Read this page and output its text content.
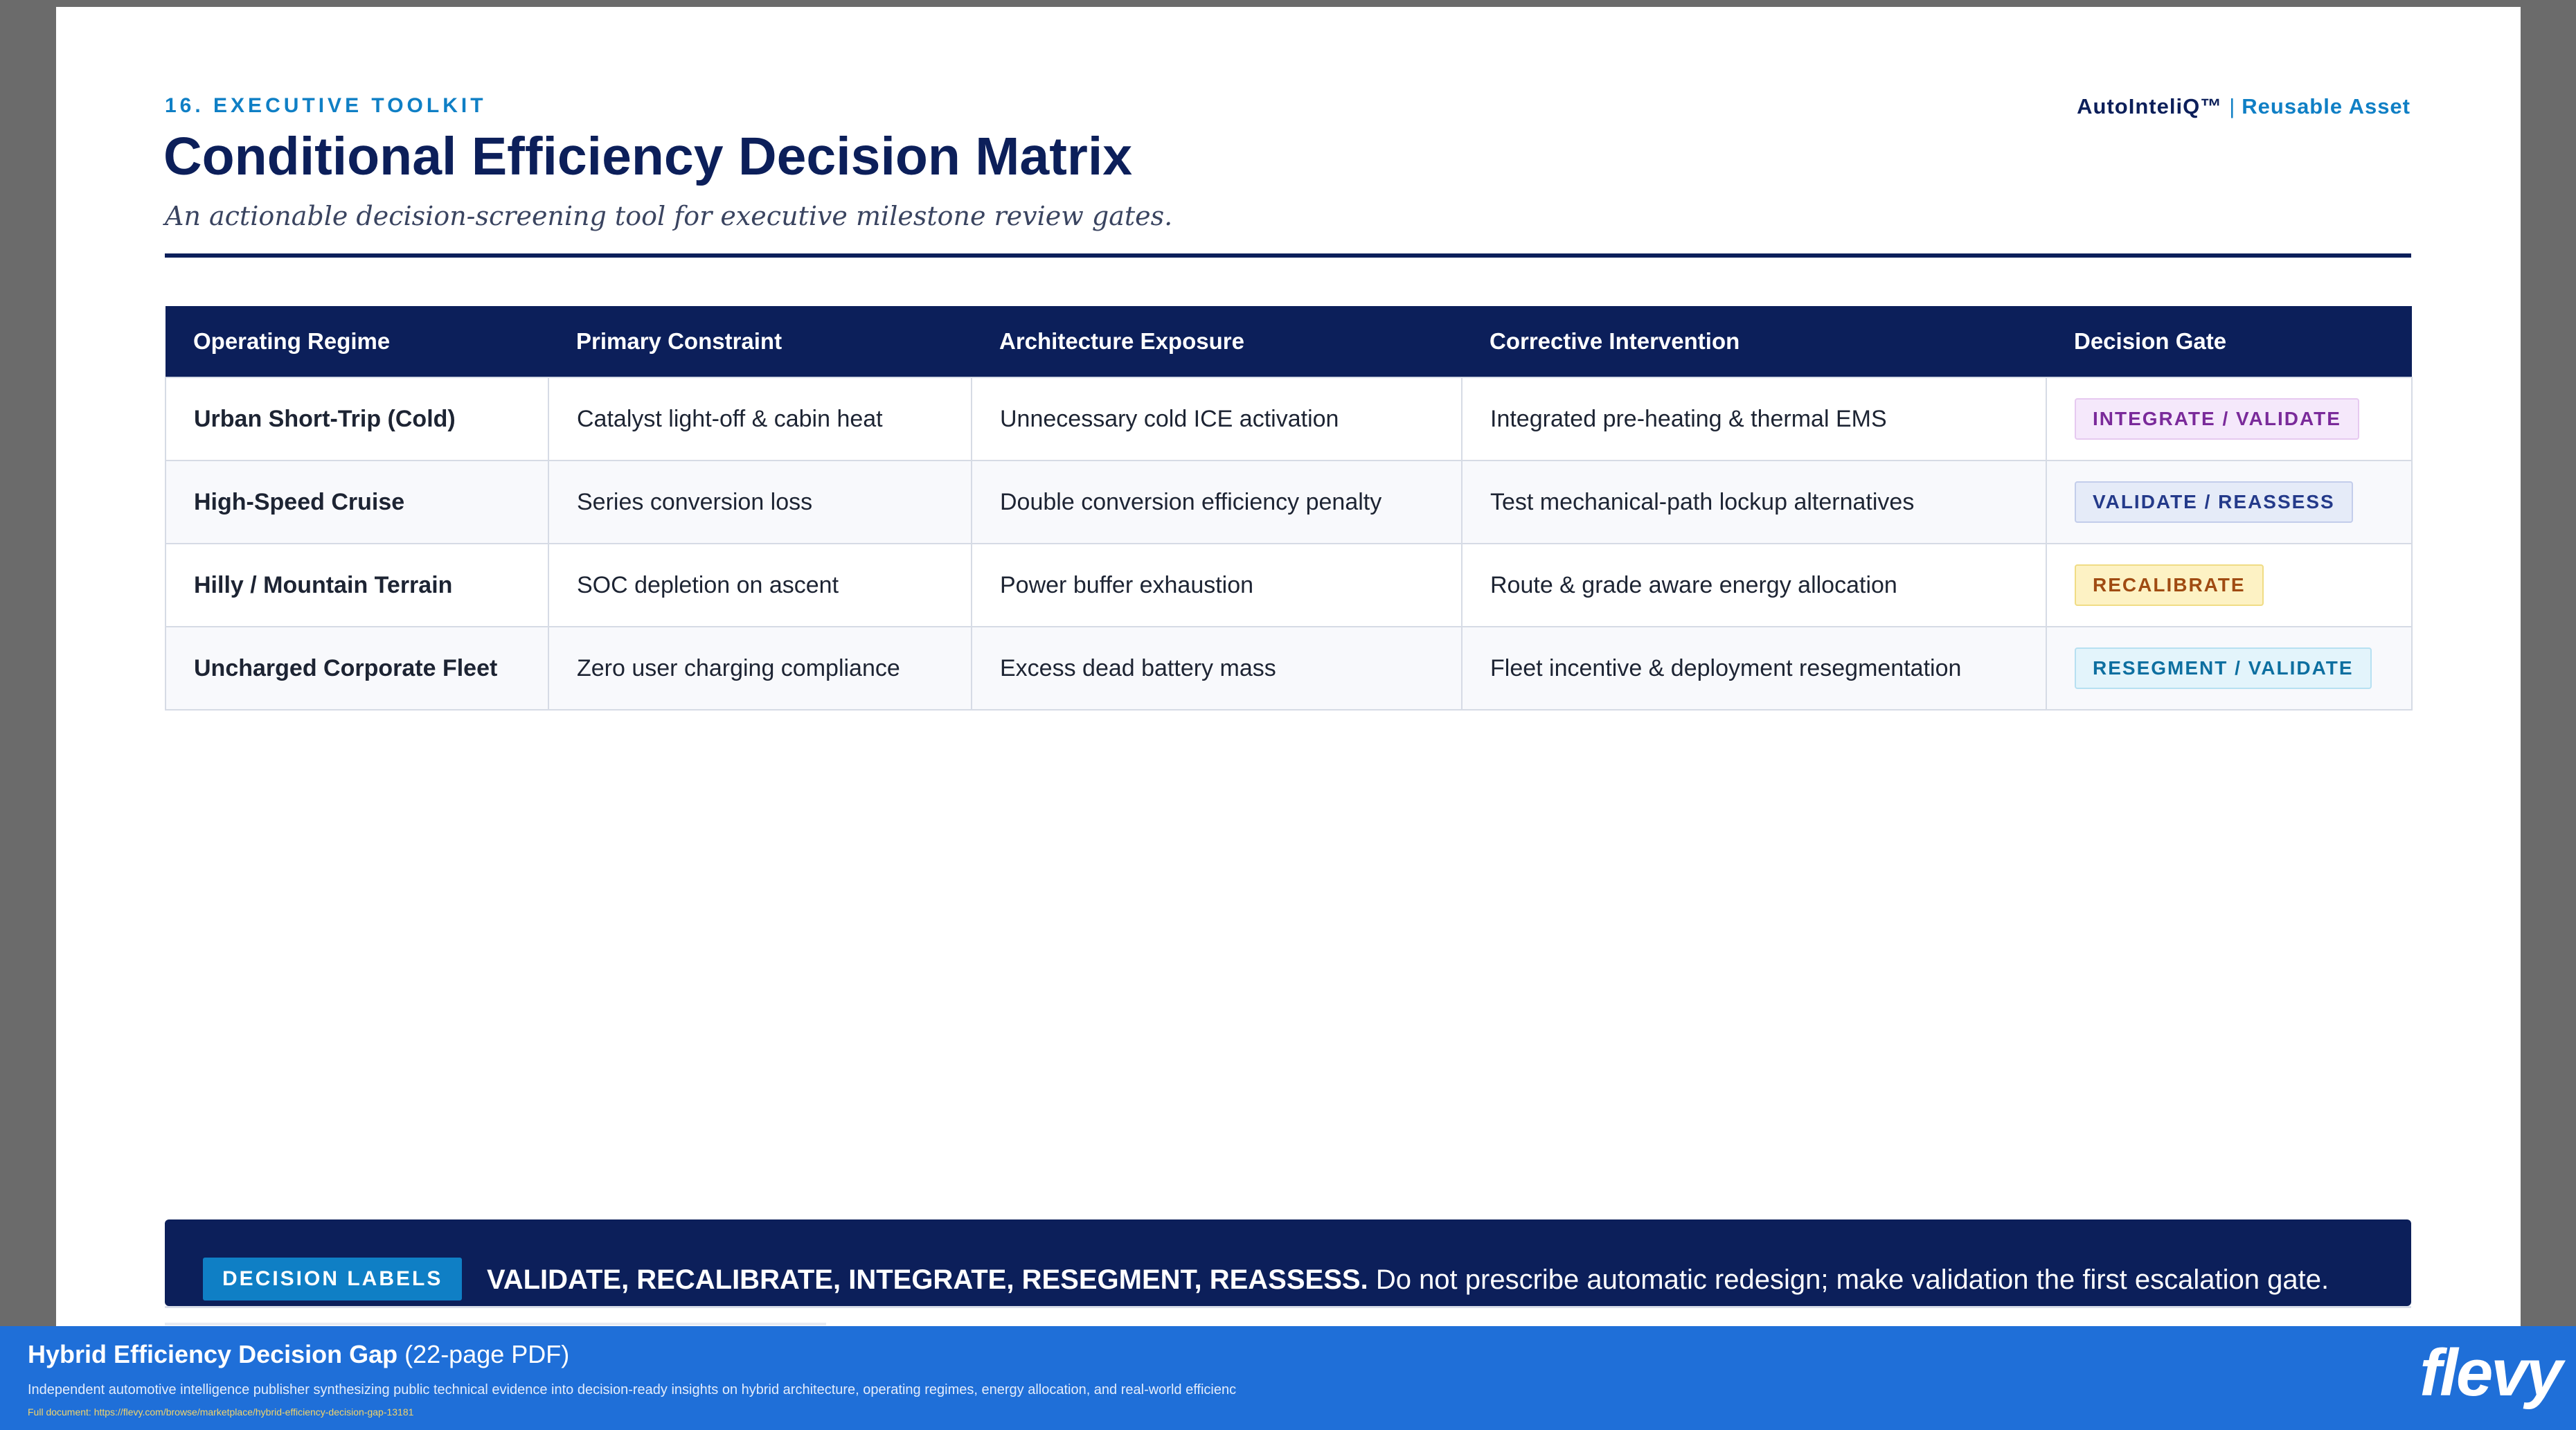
16. EXECUTIVE TOOLKIT	AutoInteliQ™ | Reusable Asset
Conditional Efficiency Decision Matrix
An actionable decision-screening tool for executive milestone review gates.
Operating Regime	Primary Constraint	Architecture Exposure	Corrective Intervention	Decision Gate
Urban Short-Trip (Cold)	Catalyst light-off & cabin heat	Unnecessary cold ICE activation	Integrated pre-heating & thermal EMS	INTEGRATE / VALIDATE
High-Speed Cruise	Series conversion loss	Double conversion efficiency penalty	Test mechanical-path lockup alternatives	VALIDATE / REASSESS
Hilly / Mountain Terrain	SOC depletion on ascent	Power buffer exhaustion	Route & grade aware energy allocation	RECALIBRATE
Uncharged Corporate Fleet	Zero user charging compliance	Excess dead battery mass	Fleet incentive & deployment resegmentation	RESEGMENT / VALIDATE
DECISION LABELS	VALIDATE, RECALIBRATE, INTEGRATE, RESEGMENT, REASSESS. Do not prescribe automatic redesign; make validation the first escalation gate.
Hybrid Efficiency Decision Gap (22-page PDF)
Independent automotive intelligence publisher synthesizing public technical evidence into decision-ready insights on hybrid architecture, operating regimes, energy allocation, and real-world efficienc
Full document: https://flevy.com/browse/marketplace/hybrid-efficiency-decision-gap-13181
flevy
